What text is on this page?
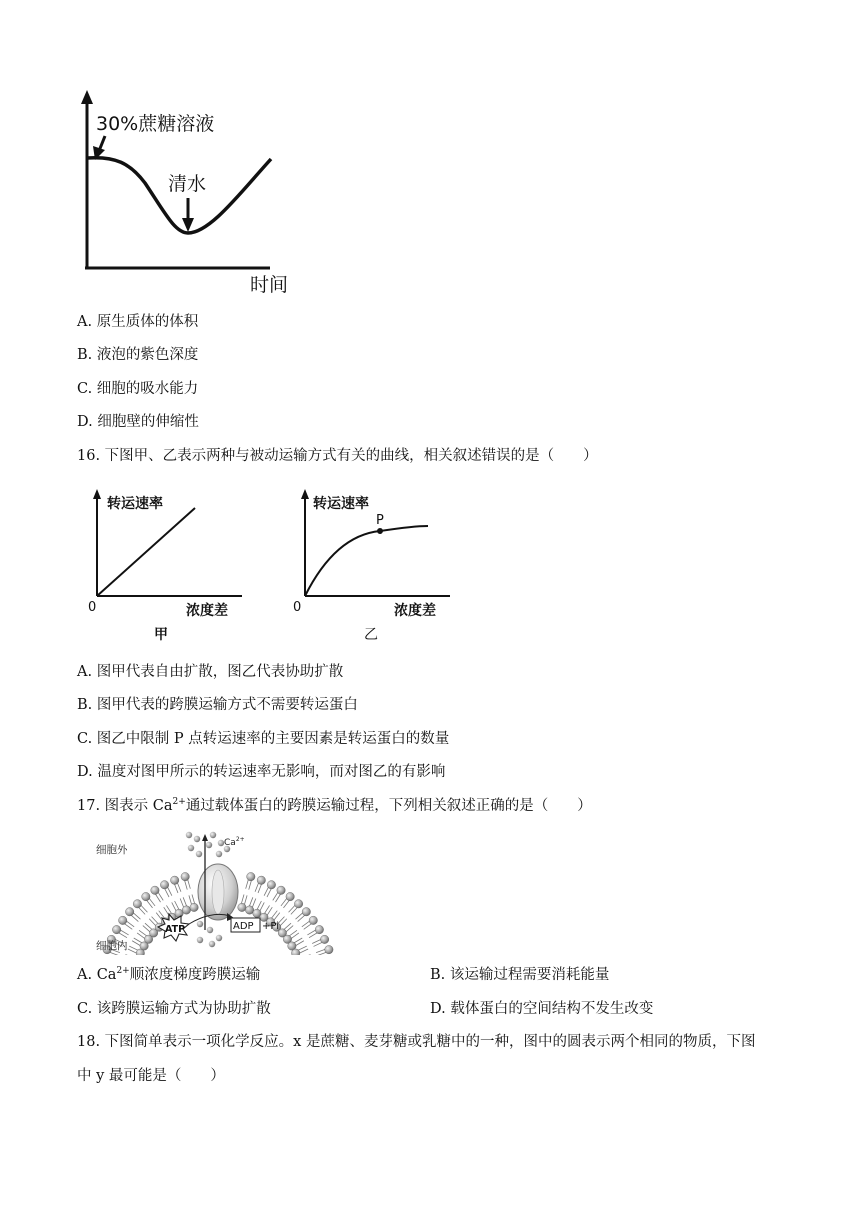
30%蔗糖溶液
清水
时间
A. 原生质体的体积
B. 液泡的紫色深度
C. 细胞的吸水能力
D. 细胞壁的伸缩性
16. 下图甲、乙表示两种与被动运输方式有关的曲线，相关叙述错误的是（　　）
转运速率
浓度差
0
甲
转运速率
P
浓度差
0
乙
A. 图甲代表自由扩散，图乙代表协助扩散
B. 图甲代表的跨膜运输方式不需要转运蛋白
C. 图乙中限制 P 点转运速率的主要因素是转运蛋白的数量
D. 温度对图甲所示的转运速率无影响，而对图乙的有影响
17. 图表示 $Ca^{2+}$通过载体蛋白的跨膜运输过程，下列相关叙述正确的是（　　）
ATP	ADP +Pi
细胞外
细胞内
$Ca^{2+}$
A. $Ca^{2+}$顺浓度梯度跨膜运输	B. 该运输过程需要消耗能量
C. 该跨膜运输方式为协助扩散	D. 载体蛋白的空间结构不发生改变
18. 下图简单表示一项化学反应。x 是蔗糖、麦芽糖或乳糖中的一种，图中的圆表示两个相同的物质，下图
中 y 最可能是（　　）
